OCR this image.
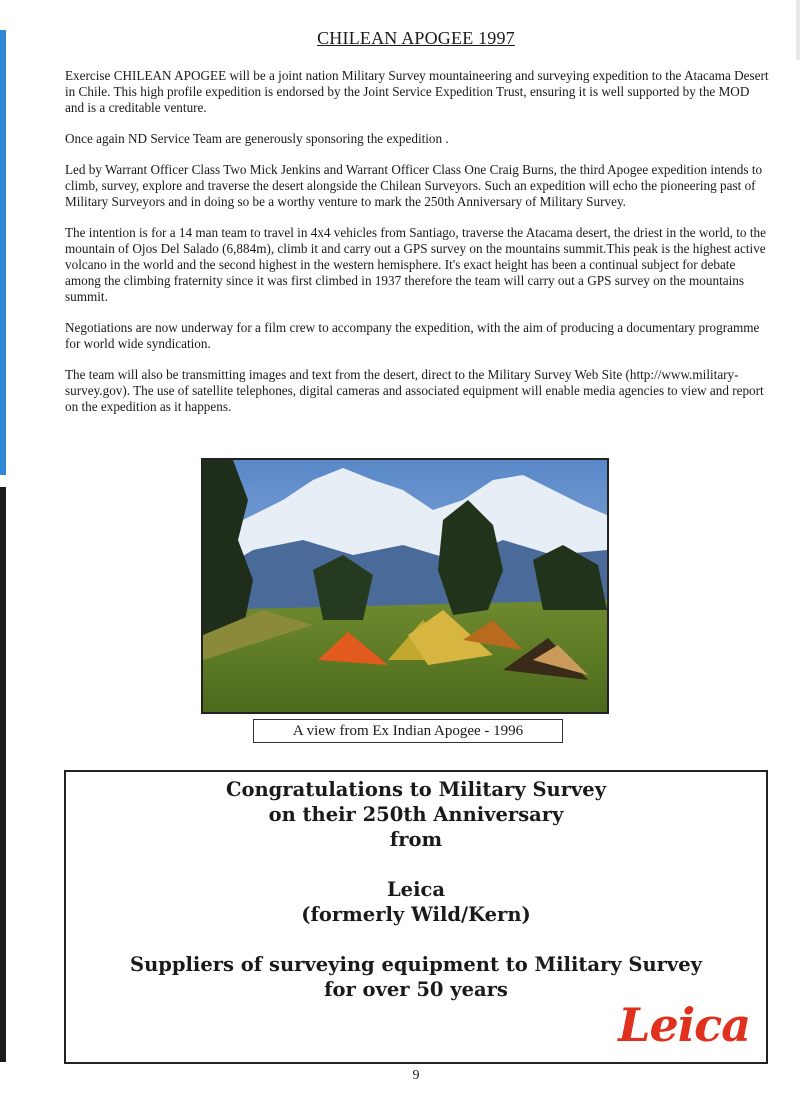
CHILEAN APOGEE 1997

Exercise CHILEAN APOGEE will be a joint nation Military Survey mountaineering and surveying expedition to the Atacama Desert in Chile. This high profile expedition is endorsed by the Joint Service Expedition Trust, ensuring it is well supported by the MOD and is a creditable venture.

Once again ND Service Team are generously sponsoring the expedition .

Led by Warrant Officer Class Two Mick Jenkins and Warrant Officer Class One Craig Burns, the third Apogee expedition intends to climb, survey, explore and traverse the desert alongside the Chilean Surveyors. Such an expedition will echo the pioneering past of Military Surveyors and in doing so be a worthy venture to mark the 250th Anniversary of Military Survey.

The intention is for a 14 man team to travel in 4x4 vehicles from Santiago, traverse the Atacama desert, the driest in the world, to the mountain of Ojos Del Salado (6,884m), climb it and carry out a GPS survey on the mountains summit.This peak is the highest active volcano in the world and the second highest in the western hemisphere. It's exact height has been a continual subject for debate among the climbing fraternity since it was first climbed in 1937 therefore the team will carry out a GPS survey on the mountains summit.

Negotiations are now underway for a film crew to accompany the expedition, with the aim of producing a documentary programme for world wide syndication.

The team will also be transmitting images and text from the desert, direct to the Military Survey Web Site (http://www.military-survey.gov). The use of satellite telephones, digital cameras and associated equipment will enable media agencies to view and report on the expedition as it happens.

A view from Ex Indian Apogee - 1996
Congratulations to Military Survey
on their 250th Anniversary
from
Leica
(formerly Wild/Kern)
Suppliers of surveying equipment to Military Survey
for over 50 years
Leica
9
